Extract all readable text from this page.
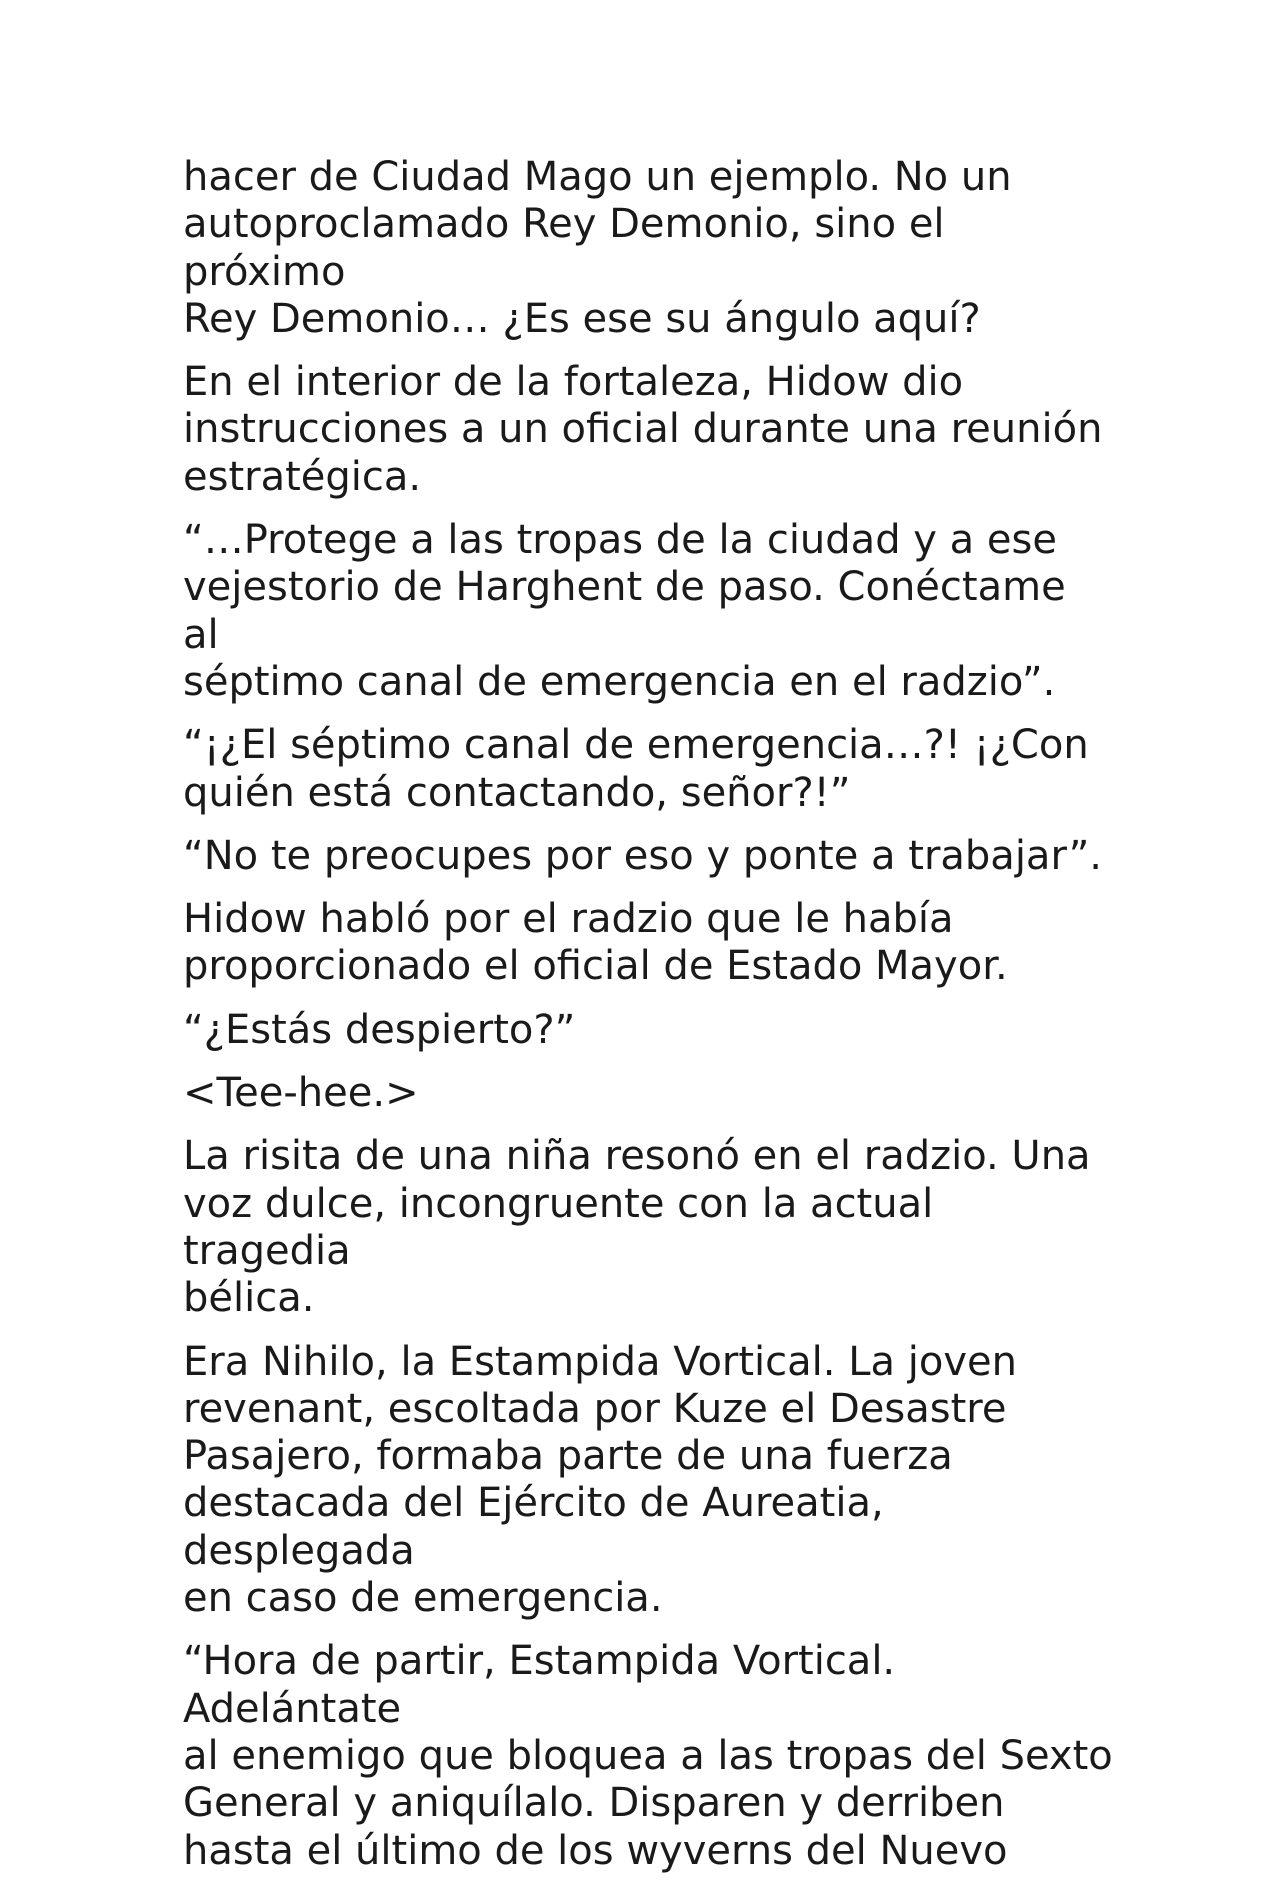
hacer de Ciudad Mago un ejemplo. No un
autoproclamado Rey Demonio, sino el próximo
Rey Demonio… ¿Es ese su ángulo aquí?

En el interior de la fortaleza, Hidow dio
instrucciones a un oficial durante una reunión
estratégica.

“…Protege a las tropas de la ciudad y a ese
vejestorio de Harghent de paso. Conéctame al
séptimo canal de emergencia en el radzio”.

“¡¿El séptimo canal de emergencia…?! ¡¿Con
quién está contactando, señor?!”

“No te preocupes por eso y ponte a trabajar”.

Hidow habló por el radzio que le había
proporcionado el oficial de Estado Mayor.

“¿Estás despierto?”

<Tee-hee.>

La risita de una niña resonó en el radzio. Una
voz dulce, incongruente con la actual tragedia
bélica.

Era Nihilo, la Estampida Vortical. La joven
revenant, escoltada por Kuze el Desastre
Pasajero, formaba parte de una fuerza
destacada del Ejército de Aureatia, desplegada
en caso de emergencia.

“Hora de partir, Estampida Vortical. Adelántate
al enemigo que bloquea a las tropas del Sexto
General y aniquílalo. Disparen y derriben
hasta el último de los wyverns del Nuevo
